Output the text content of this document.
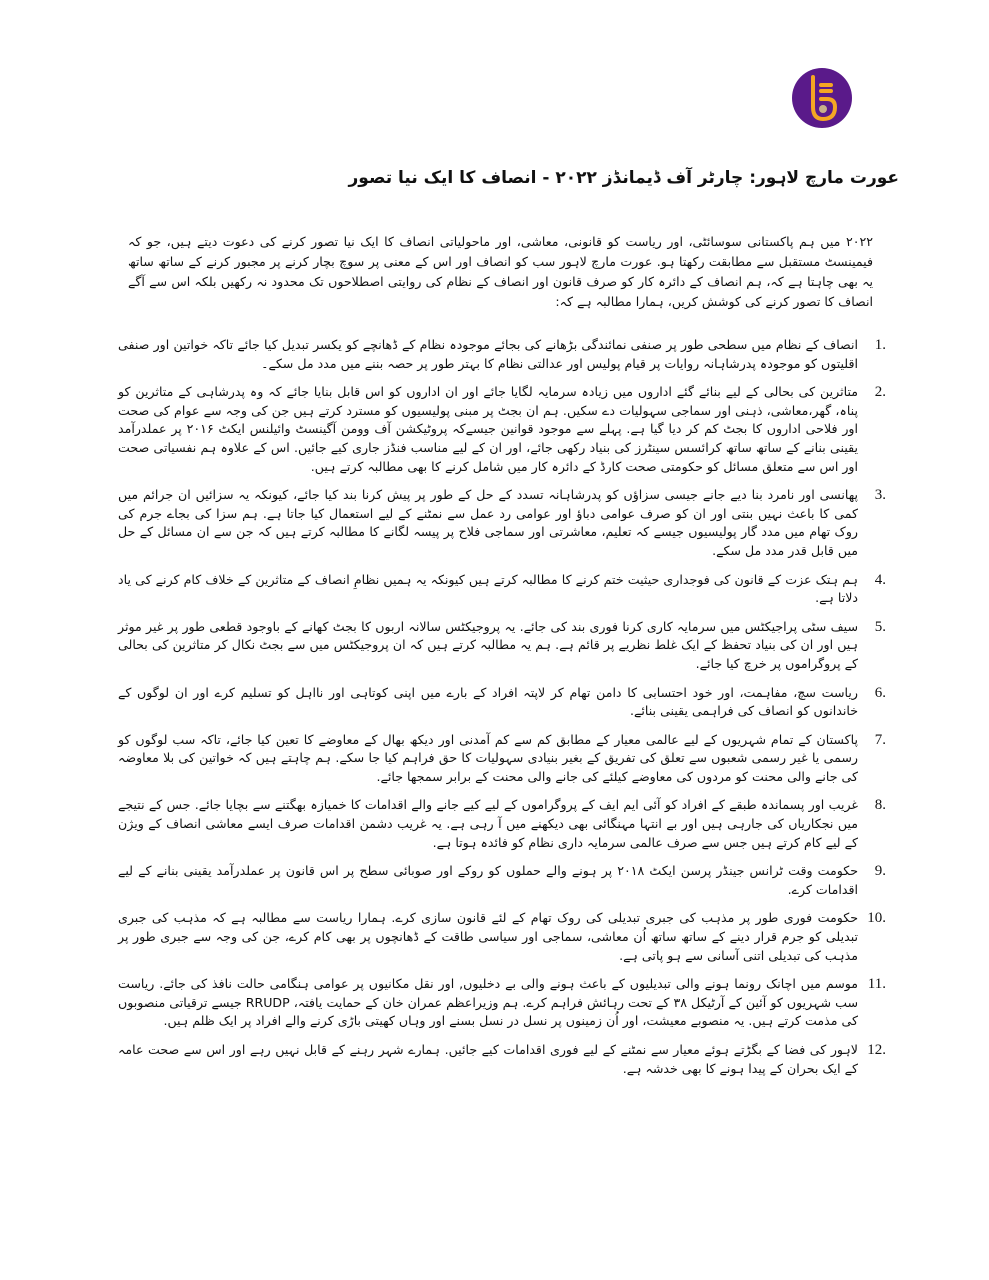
عورت مارچ لاہور: چارٹر آف ڈیمانڈز ۲۰۲۲ - انصاف کا ایک نیا تصور
۲۰۲۲ میں ہم پاکستانی سوسائٹی، اور ریاست کو قانونی، معاشی، اور ماحولیاتی انصاف کا ایک نیا تصور کرنے کی دعوت دیتے ہیں، جو کہ فیمینسٹ مستقبل سے مطابقت رکھتا ہو. عورت مارچ لاہور سب کو انصاف اور اس کے معنی پر سوچ بچار کرنے پر مجبور کرنے کے ساتھ ساتھ یہ بھی چاہتا ہے کہ، ہم انصاف کے دائرہ کار کو صرف قانون اور انصاف کے نظام کی روایتی اصطلاحوں تک محدود نہ رکھیں بلکہ اس سے آگے انصاف کا تصور کرنے کی کوشش کریں، ہمارا مطالبہ ہے کہ:
1.
انصاف کے نظام میں سطحی طور پر صنفی نمائندگی بڑھانے کی بجائے موجودہ نظام کے ڈھانچے کو یکسر تبدیل کیا جائے تاکہ خواتین اور صنفی اقلیتوں کو موجودہ پدرشاہانہ روایات پر قیام پولیس اور عدالتی نظام کا بہتر طور پر حصہ بننے میں مدد مل سکے۔
2.
متاثرین کی بحالی کے لیے بنائے گئے اداروں میں زیادہ سرمایہ لگایا جائے اور ان اداروں کو اس قابل بنایا جائے کہ وہ پدرشاہی کے متاثرین کو پناہ، گھر،معاشی، ذہنی اور سماجی سہولیات دے سکیں. ہم ان بجٹ پر مبنی پولیسیوں کو مسترد کرتے ہیں جن کی وجہ سے عوام کی صحت اور فلاحی اداروں کا بجٹ کم کر دیا گیا ہے. پہلے سے موجود قوانین جیسےکہ پروٹیکشن آف وومن آگینسٹ وائیلنس ایکٹ ۲۰۱۶ پر عملدرآمد یقینی بنانے کے ساتھ ساتھ کرائسس سینٹرز کی بنیاد رکھی جائے، اور ان کے لیے مناسب فنڈز جاری کیے جائیں. اس کے علاوہ ہم نفسیاتی صحت اور اس سے متعلق مسائل کو حکومتی صحت کارڈ کے دائرہ کار میں شامل کرنے کا بھی مطالبہ کرتے ہیں.
3.
پھانسی اور نامرد بنا دیے جانے جیسی سزاؤں کو پدرشاہانہ تسدد کے حل کے طور پر پیش کرنا بند کیا جائے، کیونکہ یہ سزائیں ان جرائم میں کمی کا باعث نہیں بنتی اور ان کو صرف عوامی دباؤ اور عوامی رد عمل سے نمٹنے کے لیے استعمال کیا جاتا ہے. ہم سزا کی بجاے جرم کی روک تھام میں مدد گار پولیسیوں جیسے کہ تعلیم، معاشرتی اور سماجی فلاح پر پیسہ لگانے کا مطالبہ کرتے ہیں کہ جن سے ان مسائل کے حل میں قابل قدر مدد مل سکے.
4.
ہم ہتک عزت کے قانون کی فوجداری حیثیت ختم کرنے کا مطالبہ کرتے ہیں کیونکہ یہ ہمیں نظامِ انصاف کے متاثرین کے خلاف کام کرنے کی یاد دلاتا ہے.
5.
سیف سٹی پراجیکٹس میں سرمایہ کاری کرنا فوری بند کی جائے. یہ پروجیکٹس سالانہ اربوں کا بجٹ کھانے کے باوجود قطعی طور پر غیر موثر ہیں اور ان کی بنیاد تحفظ کے ایک غلط نظریے پر قائم ہے. ہم یہ مطالبہ کرتے ہیں کہ ان پروجیکٹس میں سے بجٹ نکال کر متاثرین کی بحالی کے پروگراموں پر خرچ کیا جائے.
6.
ریاست سچ، مفاہمت، اور خود احتسابی کا دامن تھام کر لاپتہ افراد کے بارے میں اپنی کوتاہی اور نااہل کو تسلیم کرے اور ان لوگوں کے خاندانوں کو انصاف کی فراہمی یقینی بنائے.
7.
پاکستان کے تمام شہریوں کے لیے عالمی معیار کے مطابق کم سے کم آمدنی اور دیکھ بھال کے معاوضے کا تعین کیا جائے، تاکہ سب لوگوں کو رسمی یا غیر رسمی شعبوں سے تعلق کی تفریق کے بغیر بنیادی سہولیات کا حق فراہم کیا جا سکے. ہم چاہتے ہیں کہ خواتین کی بلا معاوضہ کی جانے والی محنت کو مردوں کی معاوضے کیلئے کی جانے والی محنت کے برابر سمجھا جائے.
8.
غریب اور پسماندہ طبقے کے افراد کو آئی ایم ایف کے پروگراموں کے لیے کیے جانے والے اقدامات کا خمیازہ بھگتنے سے بچایا جائے. جس کے نتیجے میں نجکاریاں کی جارہی ہیں اور بے انتہا مہنگائی بھی دیکھنے میں آ رہی ہے. یہ غریب دشمن اقدامات صرف ایسے معاشی انصاف کے ویژن کے لیے کام کرتے ہیں جس سے صرف عالمی سرمایہ داری نظام کو فائدہ ہوتا ہے.
9.
حکومت وقت ٹرانس جینڈر پرسن ایکٹ ۲۰۱۸ پر ہونے والے حملوں کو روکے اور صوبائی سطح پر اس قانون پر عملدرآمد یقینی بنانے کے لیے اقدامات کرے.
10.
حکومت فوری طور پر مذہب کی جبری تبدیلی کی روک تھام کے لئے قانون سازی کرے. ہمارا ریاست سے مطالبہ ہے کہ مذہب کی جبری تبدیلی کو جرم قرار دینے کے ساتھ ساتھ اُن معاشی، سماجی اور سیاسی طاقت کے ڈھانچوں پر بھی کام کرے، جن کی وجہ سے جبری طور پر مذہب کی تبدیلی اتنی آسانی سے ہو پاتی ہے.
11.
موسم میں اچانک رونما ہونے والی تبدیلیوں کے باعث ہونے والی بے دخلیوں, اور نقل مکانیوں پر عوامی ہنگامی حالت نافذ کی جائے. ریاست سب شہریوں کو آئین کے آرٹیکل ۳۸ کے تحت رہائش فراہم کرے. ہم وزیراعظم عمران خان کے حمایت یافتہ، RRUDP جیسے ترقیاتی منصوبوں کی مذمت کرتے ہیں. یہ منصوبے معیشت، اور اُن زمینوں پر نسل در نسل بسنے اور وہاں کھیتی باڑی کرنے والے افراد پر ایک ظلم ہیں.
12.
لاہور کی فضا کے بگڑتے ہوئے معیار سے نمٹنے کے لیے فوری اقدامات کیے جائیں. ہمارے شہر رہنے کے قابل نہیں رہے اور اس سے صحت عامہ کے ایک بحران کے پیدا ہونے کا بھی خدشہ ہے.
